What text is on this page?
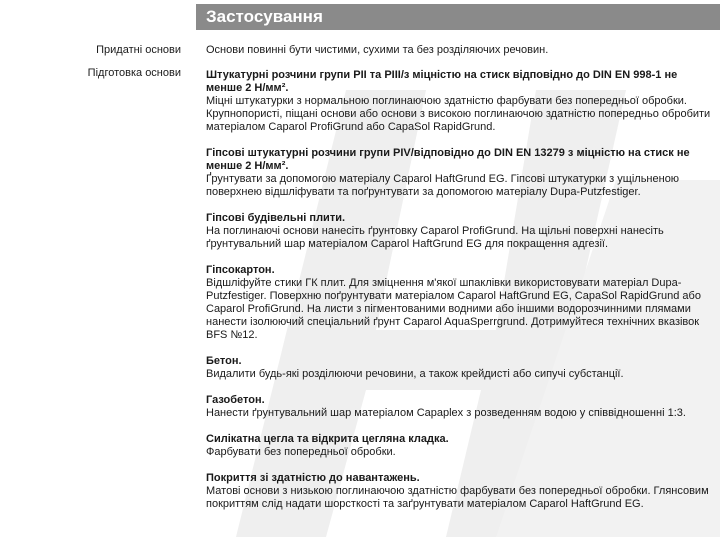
Застосування
Придатні основи
Підготовка основи
Основи повинні бути чистими, сухими та без розділяючих речовин.
Штукатурні розчини групи PII та PIII/з міцністю на стиск відповідно до DIN EN 998-1 не менше 2 Н/мм².
Міцні штукатурки з нормальною поглинаючою здатністю фарбувати без попередньої обробки. Крупнопористі, піщані основи або основи з високою поглинаючою здатністю попередньо обробити матеріалом Caparol ProfiGrund або CapaSol RapidGrund.
Гіпсові штукатурні розчини групи PIV/відповідно до DIN EN 13279 з міцністю на стиск не менше 2 Н/мм².
Ґрунтувати за допомогою матеріалу Caparol HaftGrund EG. Гіпсові штукатурки з ущільненою поверхнею відшліфувати та поґрунтувати за допомогою матеріалу Dupa-Putzfestiger.
Гіпсові будівельні плити.
На поглинаючі основи нанесіть ґрунтовку Caparol ProfiGrund. На щільні поверхні нанесіть ґрунтувальний шар матеріалом Caparol HaftGrund EG для покращення адгезії.
Гіпсокартон.
Відшліфуйте стики ГК плит. Для зміцнення м'якої шпаклівки використовувати матеріал Dupa-Putzfestiger. Поверхню поґрунтувати матеріалом Caparol HaftGrund EG, CapaSol RapidGrund або Caparol ProfiGrund. На листи з пігментованими водними або іншими водорозчинними плямами нанести ізолюючий спеціальний ґрунт Caparol AquaSperrgrund. Дотримуйтеся технічних вказівок BFS №12.
Бетон.
Видалити будь-які розділюючи речовини, а також крейдисті або сипучі субстанції.
Газобетон.
Нанести ґрунтувальний шар матеріалом Capaplex з розведенням водою у співвідношенні 1:3.
Силікатна цегла та відкрита цегляна кладка.
Фарбувати без попередньої обробки.
Покриття зі здатністю до навантажень.
Матові основи з низькою поглинаючою здатністю фарбувати без попередньої обробки. Глянсовим покриттям слід надати шорсткості та заґрунтувати матеріалом Caparol HaftGrund EG.
